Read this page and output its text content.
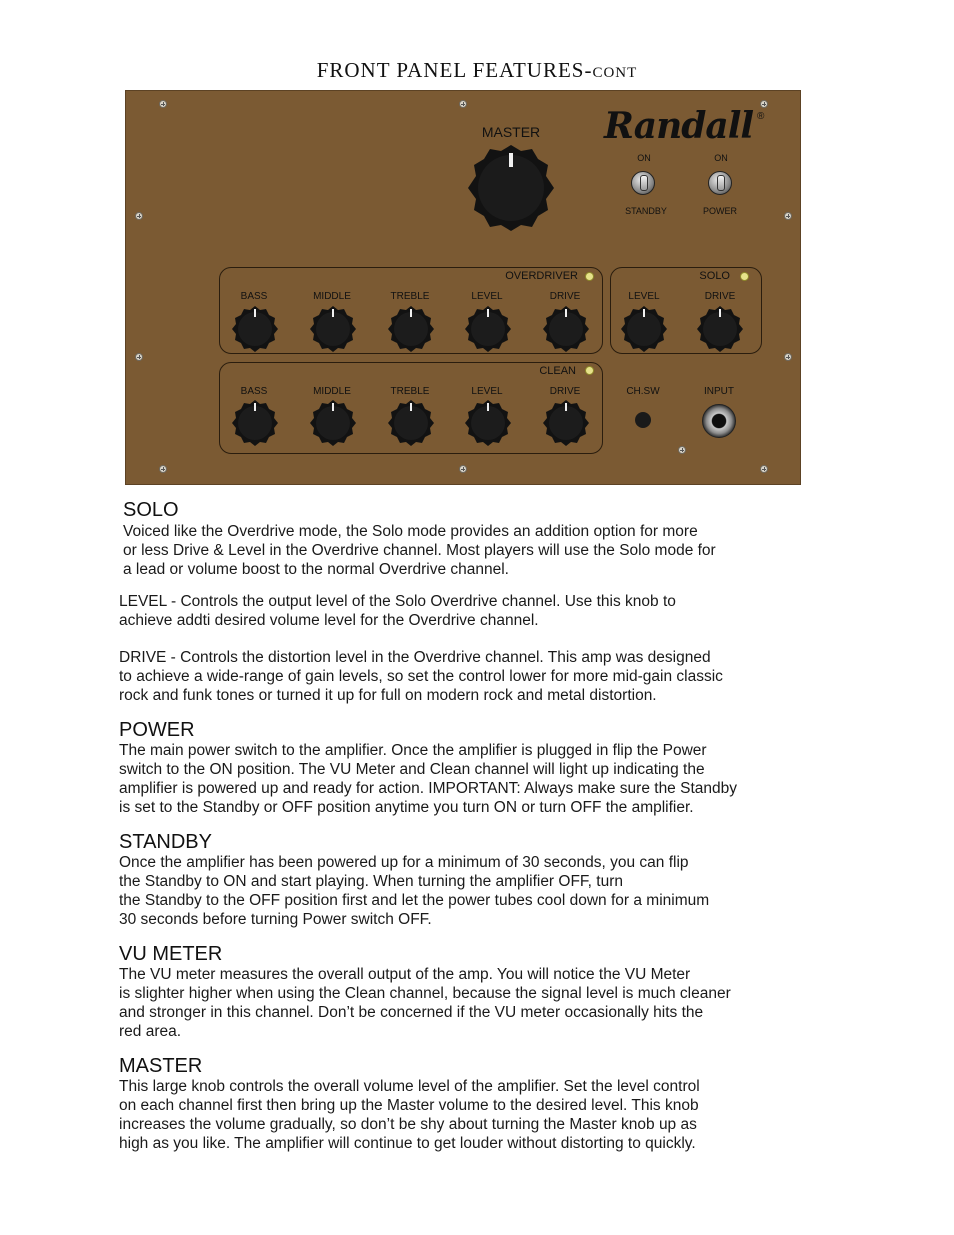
FRONT PANEL FEATURES-cont
MASTER	Randall ®
ON
STANDBY
ON
POWER
OVERDRIVER	SOLO
CLEAN
BASS	MIDDLE	TREBLE	LEVEL	DRIVE	LEVEL	DRIVE
BASS	MIDDLE	TREBLE	LEVEL	DRIVE	CH.SW	INPUT
SOLO
Voiced like the Overdrive mode, the Solo mode provides an addition option for more
or less Drive & Level in the Overdrive channel. Most players will use the Solo mode for
a lead or volume boost to the normal Overdrive channel.
LEVEL - Controls the output level of the Solo Overdrive channel. Use this knob to
achieve addti desired volume level for the Overdrive channel.
DRIVE - Controls the distortion level in the Overdrive channel. This amp was designed
to achieve a wide-range of gain levels, so set the control lower for more mid-gain classic
rock and funk tones or turned it up for full on modern rock and metal distortion.
POWER
The main power switch to the amplifier. Once the amplifier is plugged in flip the Power
switch to the ON position. The VU Meter and Clean channel will light up indicating the
amplifier is powered up and ready for action. IMPORTANT: Always make sure the Standby
is set to the Standby or OFF position anytime you turn ON or turn OFF the amplifier.
STANDBY
Once the amplifier has been powered up for a minimum of 30 seconds, you can flip
the Standby to ON and start playing. When turning the amplifier OFF, turn
the Standby to the OFF position first and let the power tubes cool down for a minimum
30 seconds before turning Power switch OFF.
VU METER
The VU meter measures the overall output of the amp. You will notice the VU Meter
is slighter higher when using the Clean channel, because the signal level is much cleaner
and stronger in this channel. Don’t be concerned if the VU meter occasionally hits the
red area.
MASTER
This large knob controls the overall volume level of the amplifier. Set the level control
on each channel first then bring up the Master volume to the desired level. This knob
increases the volume gradually, so don’t be shy about turning the Master knob up as
high as you like. The amplifier will continue to get louder without distorting to quickly.
